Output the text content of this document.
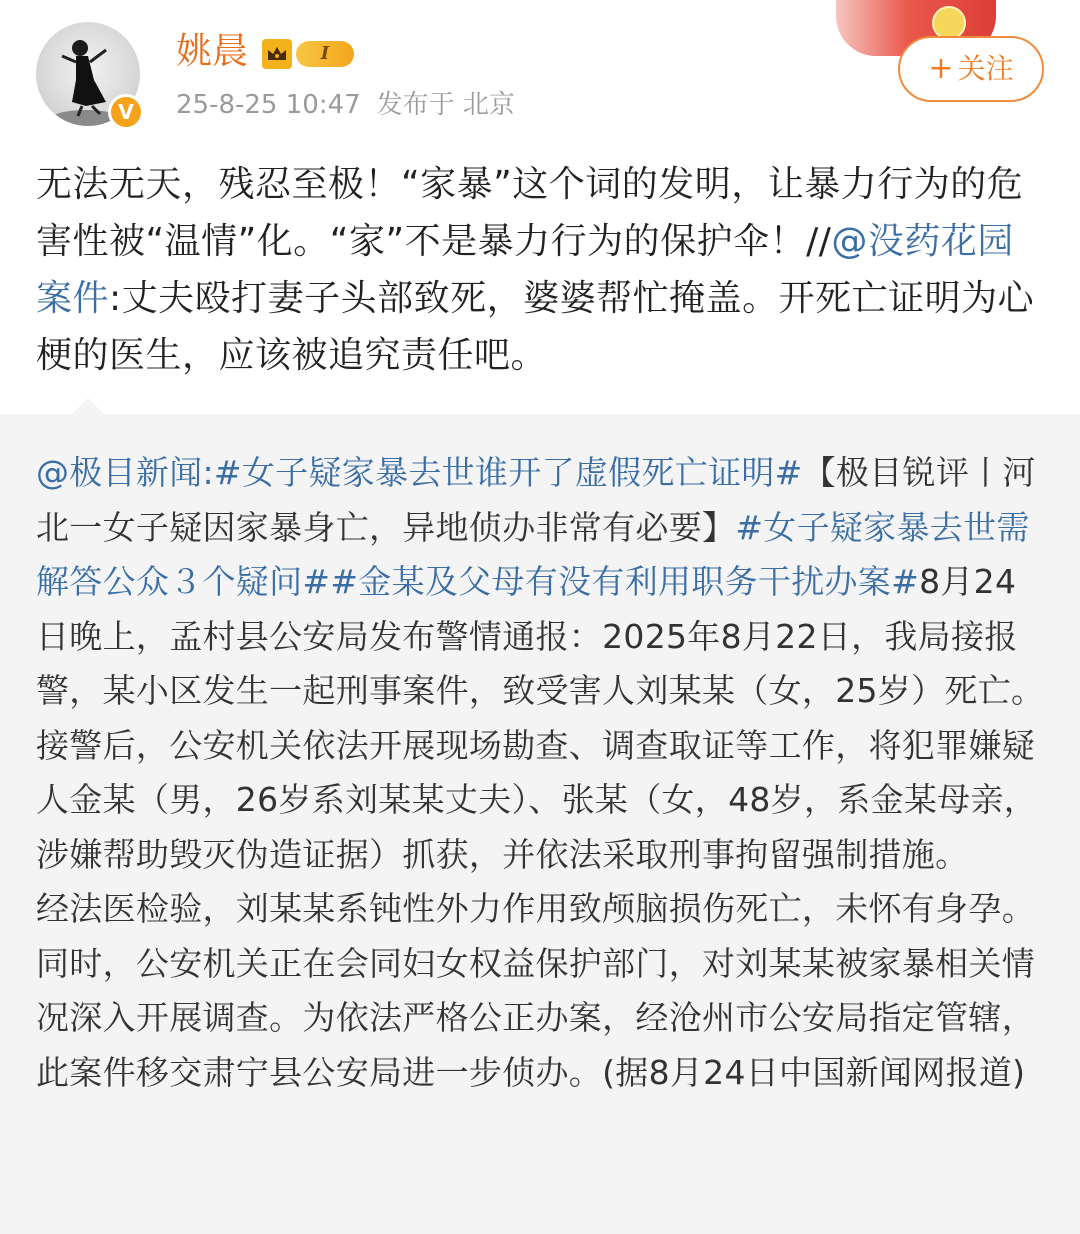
V
姚晨	I
25-8-25 10:47 发布于 北京
+ 关注
无法无天，残忍至极！“家暴”这个词的发明，让暴力行为的危害性被“温情”化。“家”不是暴力行为的保护伞！//@没药花园案件:丈夫殴打妻子头部致死，婆婆帮忙掩盖。开死亡证明为心梗的医生，应该被追究责任吧。
@极目新闻:#女子疑家暴去世谁开了虚假死亡证明#【极目锐评丨河北一女子疑因家暴身亡，异地侦办非常有必要】#女子疑家暴去世需解答公众３个疑问##金某及父母有没有利用职务干扰办案#8月24日晚上，孟村县公安局发布警情通报：2025年8月22日，我局接报警，某小区发生一起刑事案件，致受害人刘某某（女，25岁）死亡。接警后，公安机关依法开展现场勘查、调查取证等工作，将犯罪嫌疑人金某（男，26岁系刘某某丈夫）、张某（女，48岁，系金某母亲，涉嫌帮助毁灭伪造证据）抓获，并依法采取刑事拘留强制措施。
经法医检验，刘某某系钝性外力作用致颅脑损伤死亡，未怀有身孕。同时，公安机关正在会同妇女权益保护部门，对刘某某被家暴相关情况深入开展调查。为依法严格公正办案，经沧州市公安局指定管辖，此案件移交肃宁县公安局进一步侦办。(据8月24日中国新闻网报道)
